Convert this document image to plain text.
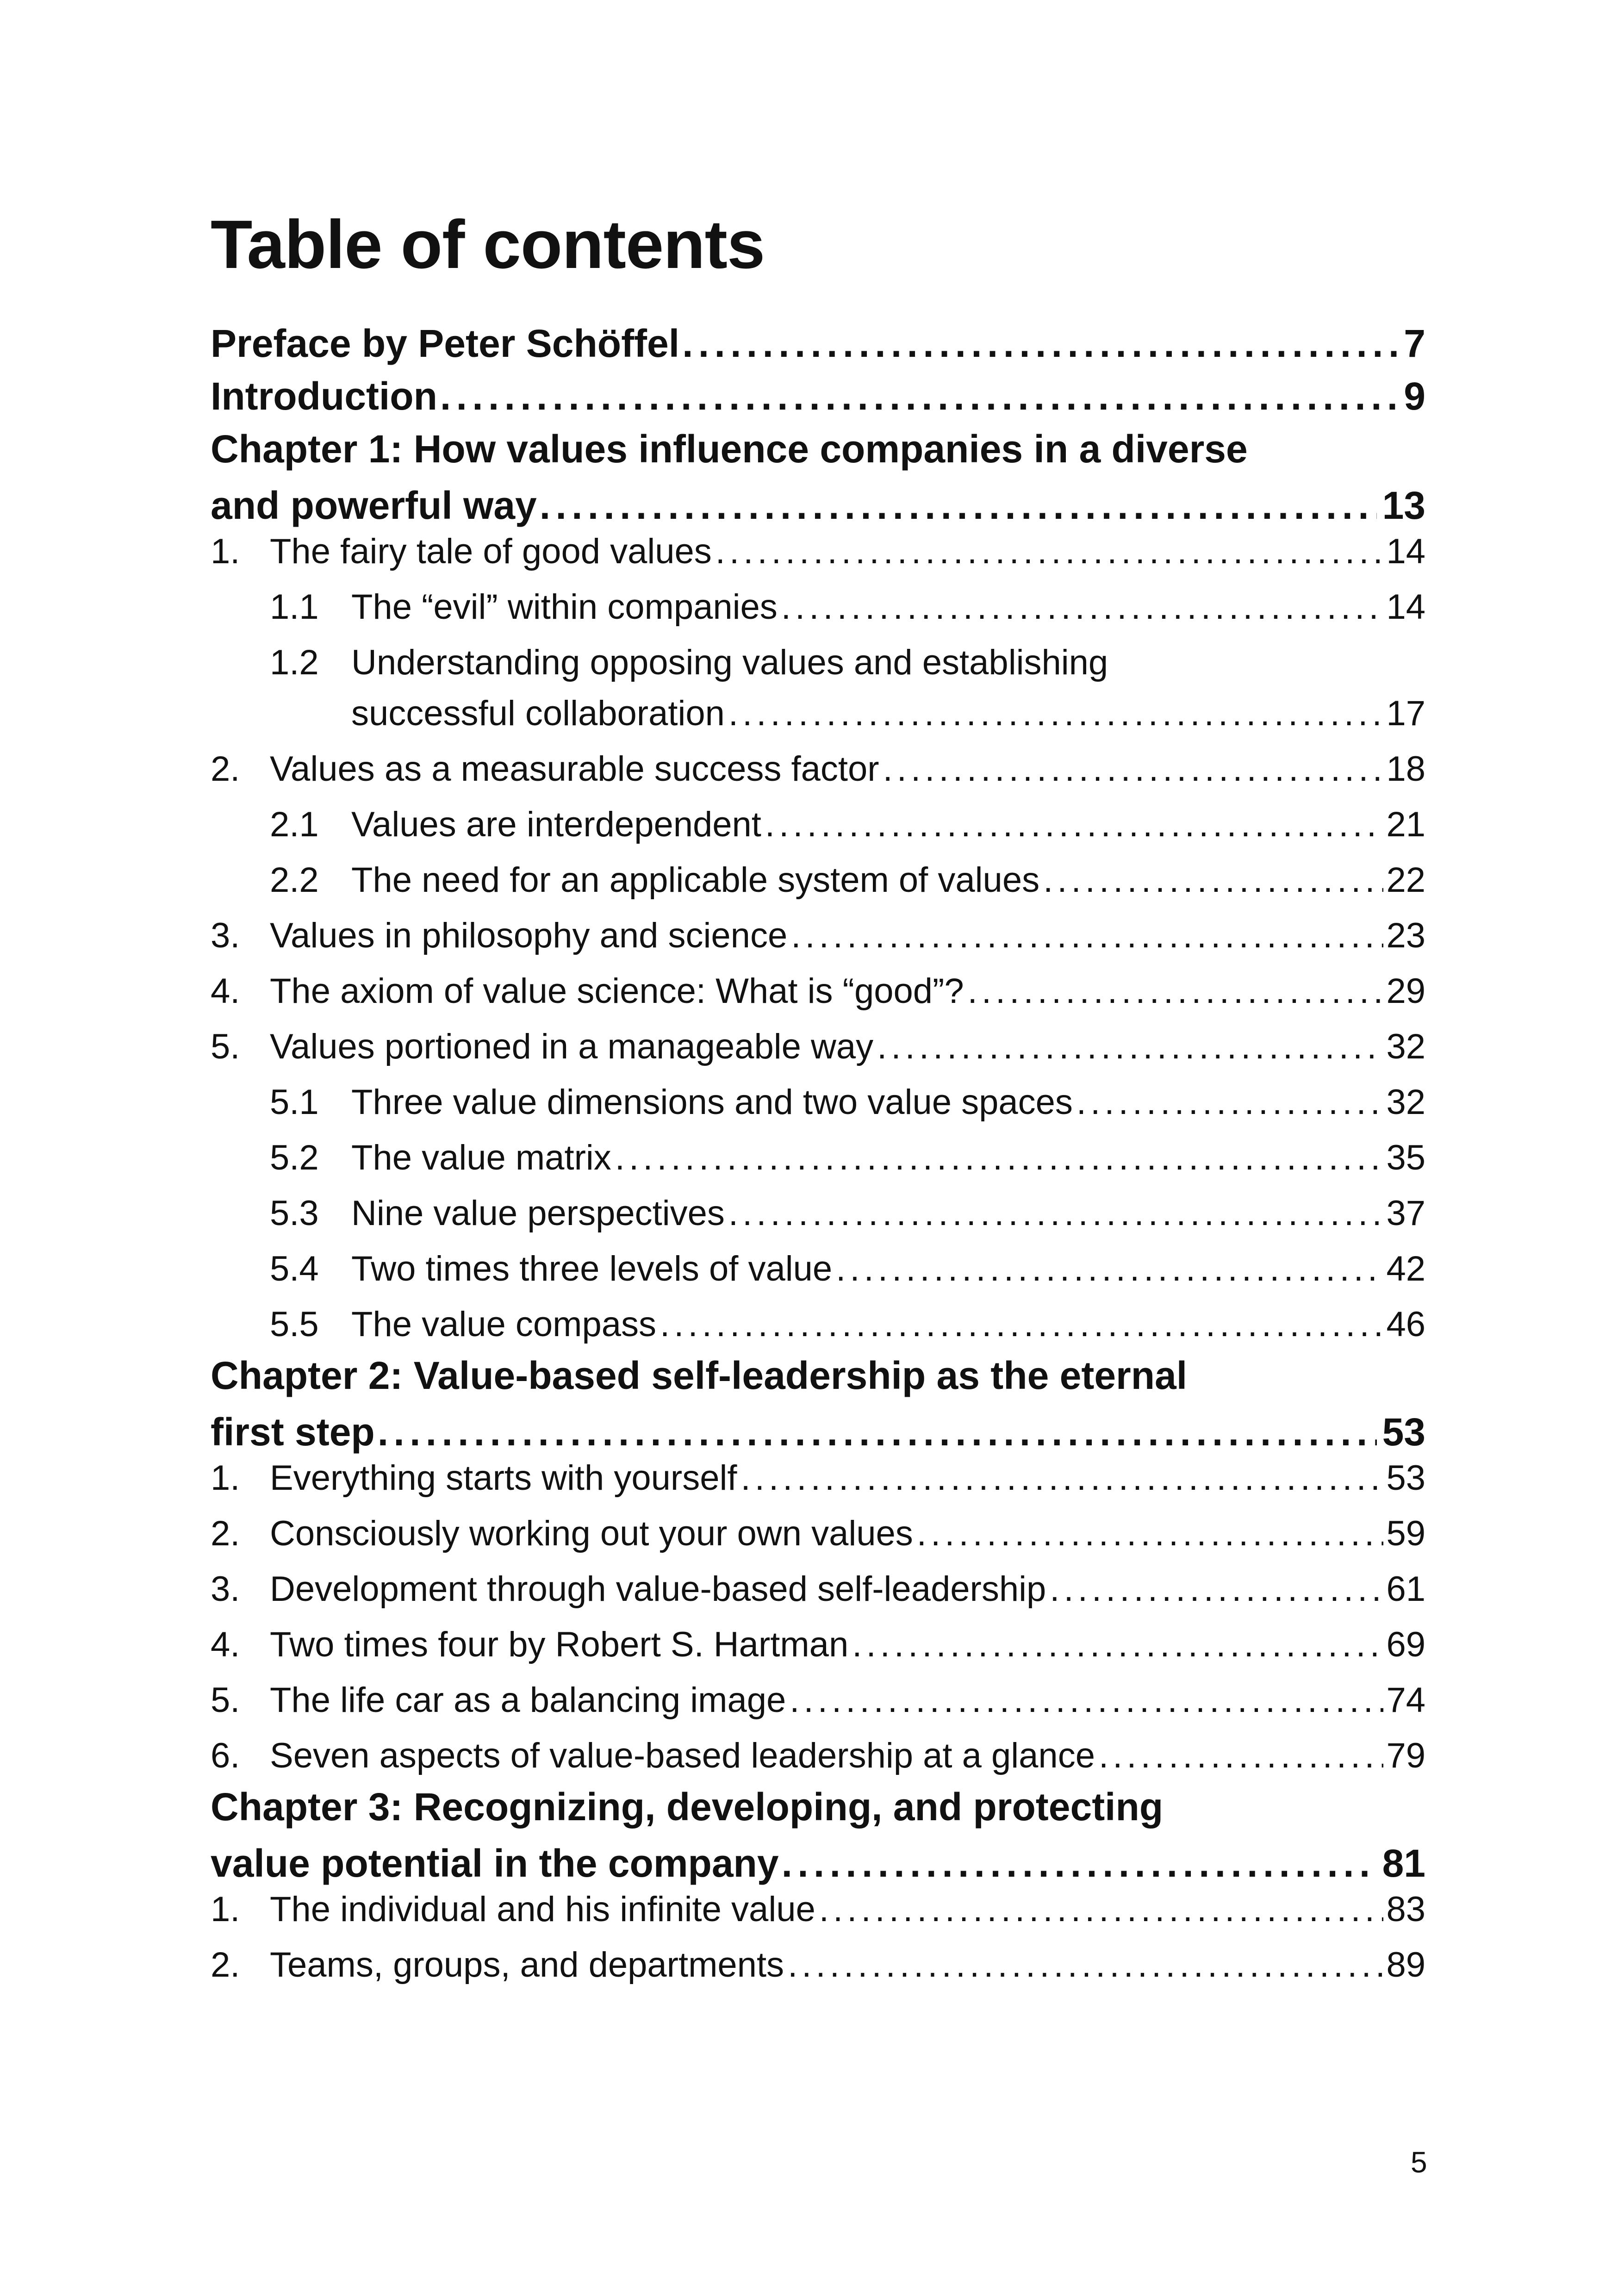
Table of contents
Preface by Peter Schöffel . . .	7
Introduction . . .	9
Chapter 1: How values influence companies in a diverse
and powerful way . . .	13
1. The fairy tale of good values . . .	14
1.1 The “evil” within companies . . .	14
1.2 Understanding opposing values and establishing
successful collaboration . . .	17
2. Values as a measurable success factor . . .	18
2.1 Values are interdependent . . .	21
2.2 The need for an applicable system of values . . .	22
3. Values in philosophy and science . . .	23
4. The axiom of value science: What is “good”? . . .	29
5. Values portioned in a manageable way . . .	32
5.1 Three value dimensions and two value spaces . . .	32
5.2 The value matrix . . .	35
5.3 Nine value perspectives . . .	37
5.4 Two times three levels of value . . .	42
5.5 The value compass . . .	46
Chapter 2: Value-based self-leadership as the eternal
first step . . .	53
1. Everything starts with yourself . . .	53
2. Consciously working out your own values . . .	59
3. Development through value-based self-leadership . . .	61
4. Two times four by Robert S. Hartman . . .	69
5. The life car as a balancing image . . .	74
6. Seven aspects of value-based leadership at a glance . . .	79
Chapter 3: Recognizing, developing, and protecting
value potential in the company . . .	81
1. The individual and his infinite value . . .	83
2. Teams, groups, and departments . . .	89
5
